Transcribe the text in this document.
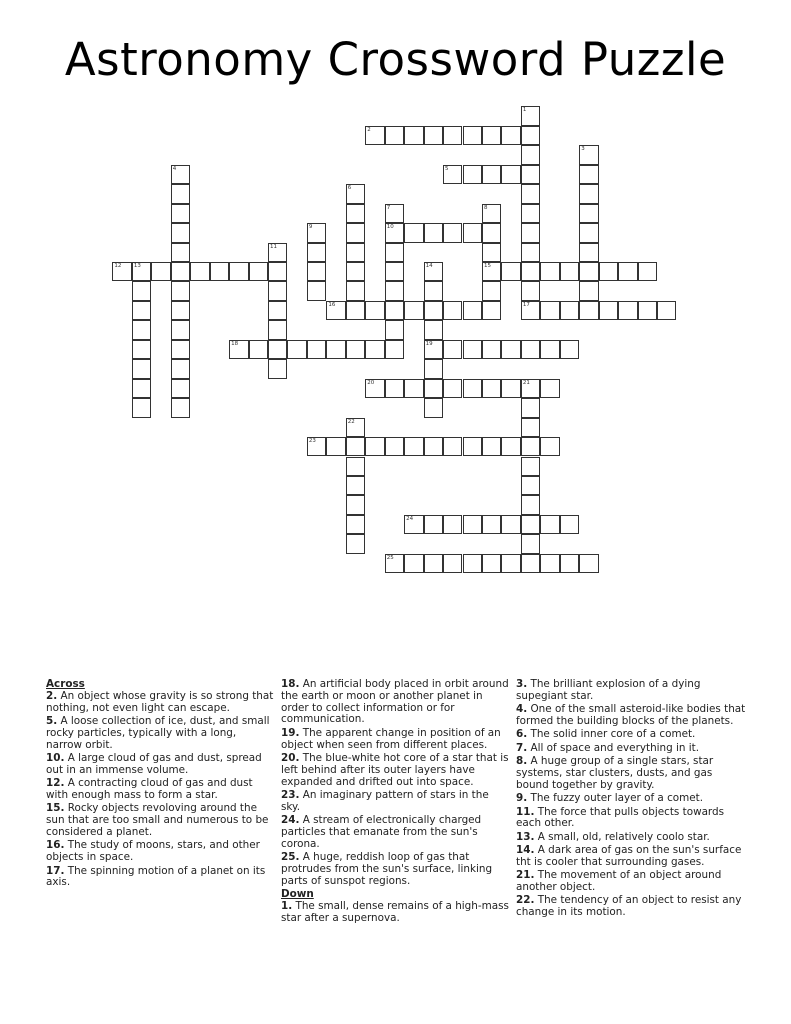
Astronomy Crossword Puzzle
1
17
2
3
4	5
6
7
10
8
15
9
11
12 13	14
19
16
18
20	21
22
23
24
25
Across
2. An object whose gravity is so strong that nothing, not even light can escape.
5. A loose collection of ice, dust, and small rocky particles, typically with a long, narrow orbit.
10. A large cloud of gas and dust, spread out in an immense volume.
12. A contracting cloud of gas and dust with enough mass to form a star.
15. Rocky objects revoloving around the sun that are too small and numerous to be considered a planet.
16. The study of moons, stars, and other objects in space.
17. The spinning motion of a planet on its axis.
18. An artificial body placed in orbit around the earth or moon or another planet in order to collect information or for communication.
19. The apparent change in position of an object when seen from different places.
20. The blue-white hot core of a star that is left behind after its outer layers have expanded and drifted out into space.
23. An imaginary pattern of stars in the sky.
24. A stream of electronically charged particles that emanate from the sun's corona.
25. A huge, reddish loop of gas that protrudes from the sun's surface, linking parts of sunspot regions.
Down
1. The small, dense remains of a high-mass star after a supernova.
3. The brilliant explosion of a dying supegiant star.
4. One of the small asteroid-like bodies that formed the building blocks of the planets.
6. The solid inner core of a comet.
7. All of space and everything in it.
8. A huge group of a single stars, star systems, star clusters, dusts, and gas bound together by gravity.
9. The fuzzy outer layer of a comet.
11. The force that pulls objects towards each other.
13. A small, old, relatively coolo star.
14. A dark area of gas on the sun's surface tht is cooler that surrounding gases.
21. The movement of an object around another object.
22. The tendency of an object to resist any change in its motion.
